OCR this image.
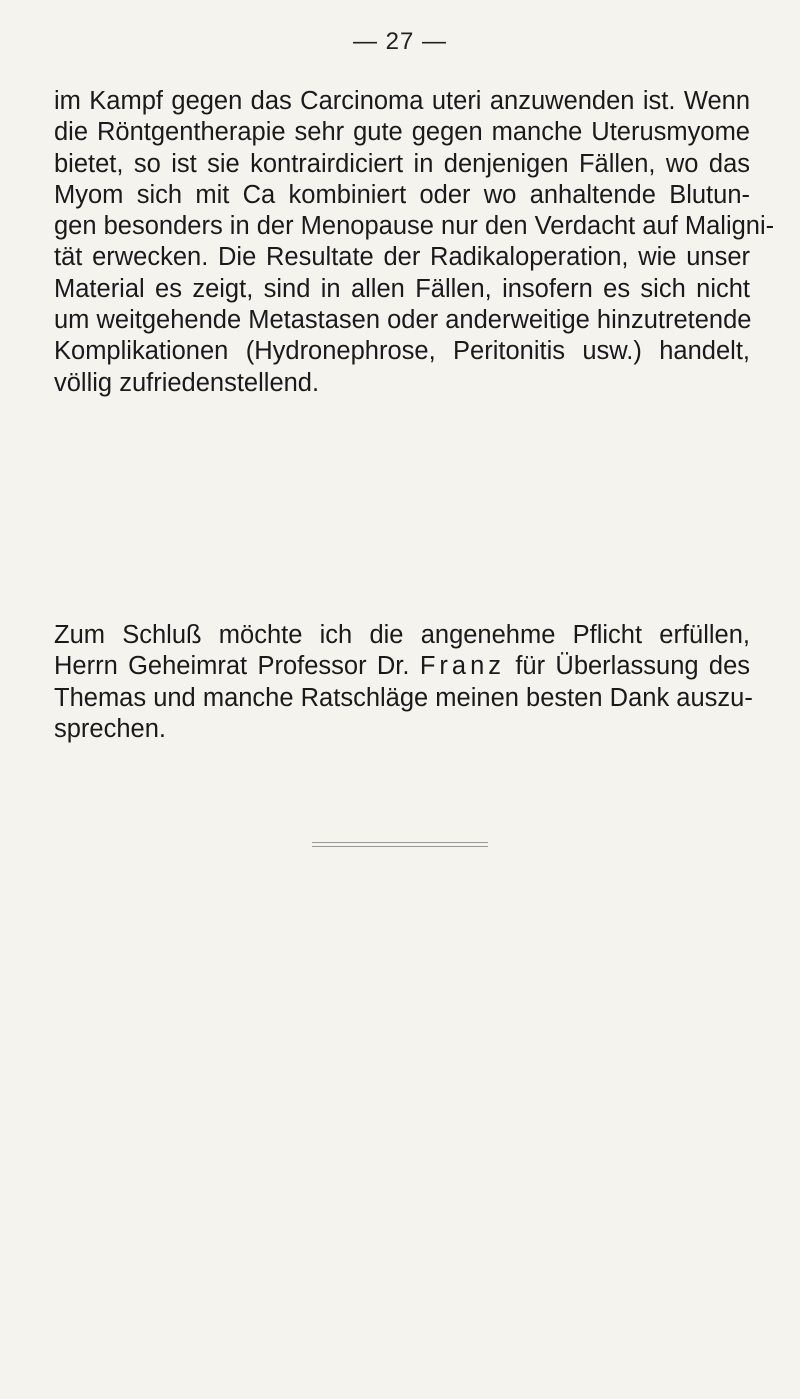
— 27 —
im Kampf gegen das Carcinoma uteri anzuwenden ist. Wenn
die Röntgentherapie sehr gute gegen manche Uterusmyome
bietet, so ist sie kontrairdiciert in denjenigen Fällen, wo das
Myom sich mit Ca kombiniert oder wo anhaltende Blutun-
gen besonders in der Menopause nur den Verdacht auf Maligni-
tät erwecken. Die Resultate der Radikaloperation, wie unser
Material es zeigt, sind in allen Fällen, insofern es sich nicht
um weitgehende Metastasen oder anderweitige hinzutretende
Komplikationen (Hydronephrose, Peritonitis usw.) handelt,
völlig zufriedenstellend.
Zum Schluß möchte ich die angenehme Pflicht erfüllen,
Herrn Geheimrat Professor Dr. Franz für Überlassung des
Themas und manche Ratschläge meinen besten Dank auszu-
sprechen.
